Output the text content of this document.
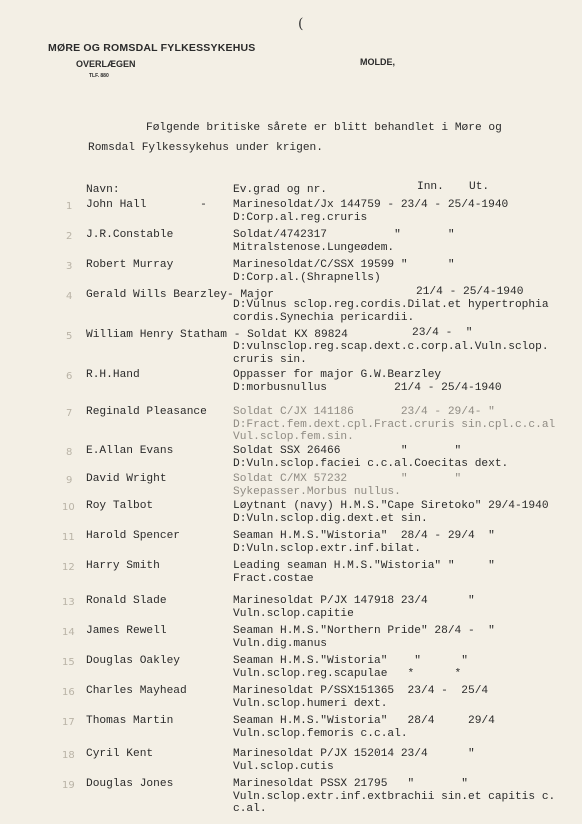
(
MØRE OG ROMSDAL FYLKESSYKEHUS
OVERLÆGEN
TLF. 880
MOLDE,
Følgende britiske sårete er blitt behandlet i Møre og
Romsdal Fylkessykehus under krigen.
Navn:	Ev.grad og nr.	Inn. Ut.
1 John Hall        - Marinesoldat/Jx 144759 - 23/4 - 25/4-1940
D:Corp.al.reg.cruris
2 J.R.Constable	Soldat/4742317          "       "
Mitralstenose.Lungeødem.
3 Robert Murray	Marinesoldat/C/SSX 19599 "      "
D:Corp.al.(Shrapnells)
4 Gerald Wills Bearzley- Major	21/4 - 25/4-1940
D:Vulnus sclop.reg.cordis.Dilat.et hypertrophia
cordis.Synechia pericardii.
5 William Henry Statham - Soldat KX 89824	23/4 -  "
D:vulnsclop.reg.scap.dext.c.corp.al.Vuln.sclop.
cruris sin.
6 R.H.Hand	Oppasser for major G.W.Bearzley
D:morbusnullus          21/4 - 25/4-1940
7 Reginald Pleasance Soldat C/JX 141186       23/4 - 29/4- "
D:Fract.fem.dext.cpl.Fract.cruris sin.cpl.c.c.al
Vul.sclop.fem.sin.
8 E.Allan Evans	Soldat SSX 26466         "       "
D:Vuln.sclop.faciei c.c.al.Coecitas dext.
9 David Wright	Soldat C/MX 57232        "       "
Sykepasser.Morbus nullus.
10 Roy Talbot	Løytnant (navy) H.M.S."Cape Siretoko" 29/4-1940
D:Vuln.sclop.dig.dext.et sin.
11 Harold Spencer	Seaman H.M.S."Wistoria"  28/4 - 29/4  "
D:Vuln.sclop.extr.inf.bilat.
12 Harry Smith	Leading seaman H.M.S."Wistoria" "     "
Fract.costae
13 Ronald Slade	Marinesoldat P/JX 147918 23/4      "
Vuln.sclop.capitie
14 James Rewell	Seaman H.M.S."Northern Pride" 28/4 -  "
Vuln.dig.manus
15 Douglas Oakley	Seaman H.M.S."Wistoria"    "      "
Vuln.sclop.reg.scapulae   *      *
16 Charles Mayhead	Marinesoldat P/SSX151365  23/4 -  25/4
Vuln.sclop.humeri dext.
17 Thomas Martin	Seaman H.M.S."Wistoria"   28/4     29/4
Vuln.sclop.femoris c.c.al.
18 Cyril Kent	Marinesoldat P/JX 152014 23/4      "
Vul.sclop.cutis
19 Douglas Jones	Marinesoldat PSSX 21795   "       "
Vuln.sclop.extr.inf.extbrachii sin.et capitis c.
c.al.
